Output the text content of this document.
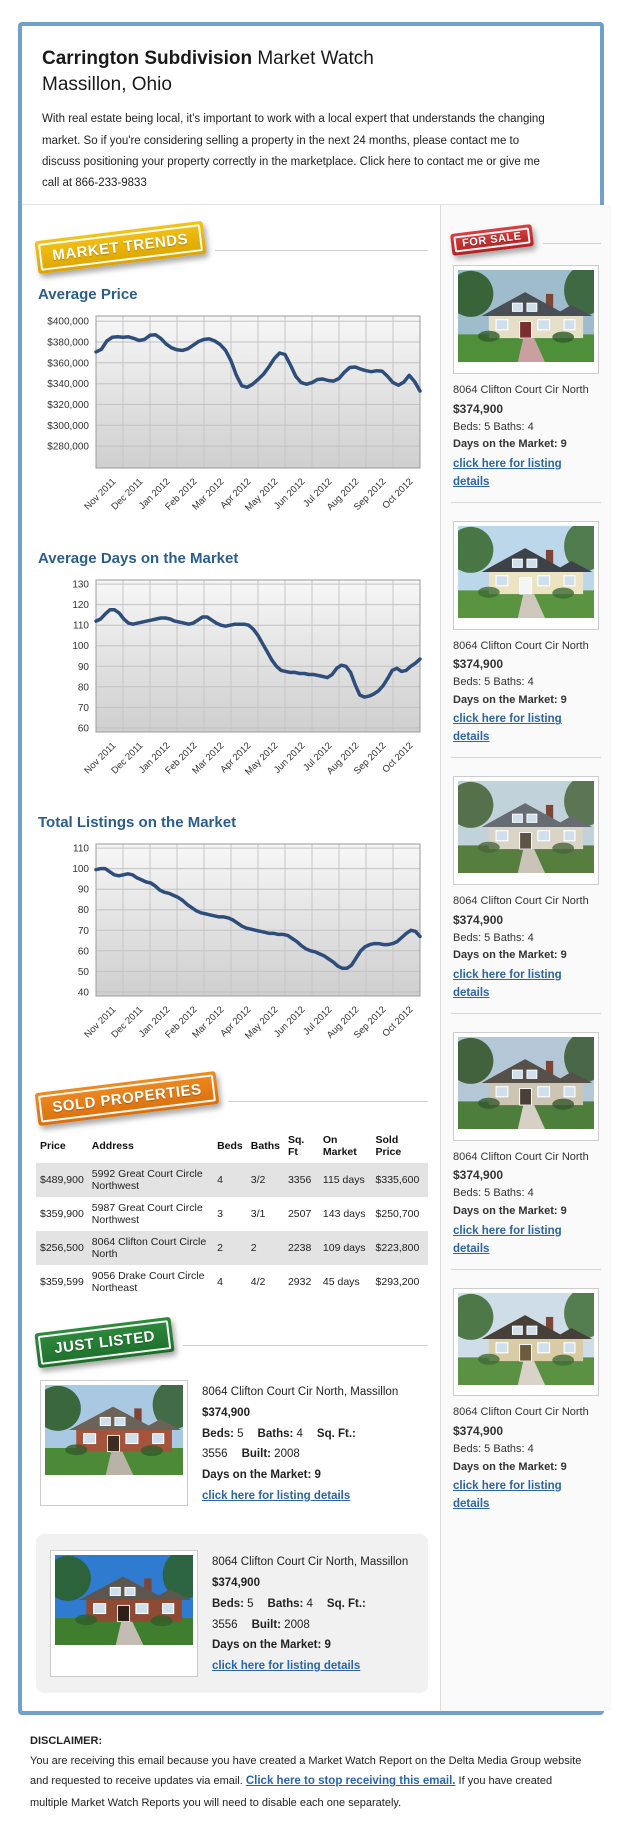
Carrington Subdivision Market Watch
Massillon, Ohio

With real estate being local, it's important to work with a local expert that understands the changing market. So if you're considering selling a property in the next 24 months, please contact me to discuss positioning your property correctly in the marketplace. Click here to contact me or give me call at 866-233-9833

MARKET TRENDS
Average Price
$400,000
$380,000
$360,000
$340,000
$320,000
$300,000
$280,000
Nov 2011
Dec 2011
Jan 2012
Feb 2012
Mar 2012
Apr 2012
May 2012
Jun 2012
Jul 2012
Aug 2012
Sep 2012
Oct 2012
Average Days on the Market
130
120
110
100
90
80
70
60
Nov 2011
Dec 2011
Jan 2012
Feb 2012
Mar 2012
Apr 2012
May 2012
Jun 2012
Jul 2012
Aug 2012
Sep 2012
Oct 2012
Total Listings on the Market
110
100
90
80
70
60
50
40
Nov 2011
Dec 2011
Jan 2012
Feb 2012
Mar 2012
Apr 2012
May 2012
Jun 2012
Jul 2012
Aug 2012
Sep 2012
Oct 2012
SOLD PROPERTIES
Price	Address	Beds	Baths	Sq. Ft	On Market	Sold Price
$489,900	5992 Great Court Circle Northwest	4	3/2	3356	115 days	$335,600
$359,900	5987 Great Court Circle Northwest	3	3/1	2507	143 days	$250,700
$256,500	8064 Clifton Court Circle North	2	2	2238	109 days	$223,800
$359,599	9056 Drake Court Circle Northeast	4	4/2	2932	45 days	$293,200
JUST LISTED
8064 Clifton Court Cir North, Massillon
$374,900
Beds: 5 Baths: 4 Sq. Ft.: 3556 Built: 2008
Days on the Market: 9
click here for listing details
8064 Clifton Court Cir North, Massillon
$374,900
Beds: 5 Baths: 4 Sq. Ft.: 3556 Built: 2008
Days on the Market: 9
click here for listing details
FOR SALE
8064 Clifton Court Cir North
$374,900
Beds: 5 Baths: 4
Days on the Market: 9
click here for listing details
8064 Clifton Court Cir North
$374,900
Beds: 5 Baths: 4
Days on the Market: 9
click here for listing details
8064 Clifton Court Cir North
$374,900
Beds: 5 Baths: 4
Days on the Market: 9
click here for listing details
8064 Clifton Court Cir North
$374,900
Beds: 5 Baths: 4
Days on the Market: 9
click here for listing details
8064 Clifton Court Cir North
$374,900
Beds: 5 Baths: 4
Days on the Market: 9
click here for listing details
DISCLAIMER:

You are receiving this email because you have created a Market Watch Report on the Delta Media Group website and requested to receive updates via email. Click here to stop receiving this email. If you have created multiple Market Watch Reports you will need to disable each one separately.
